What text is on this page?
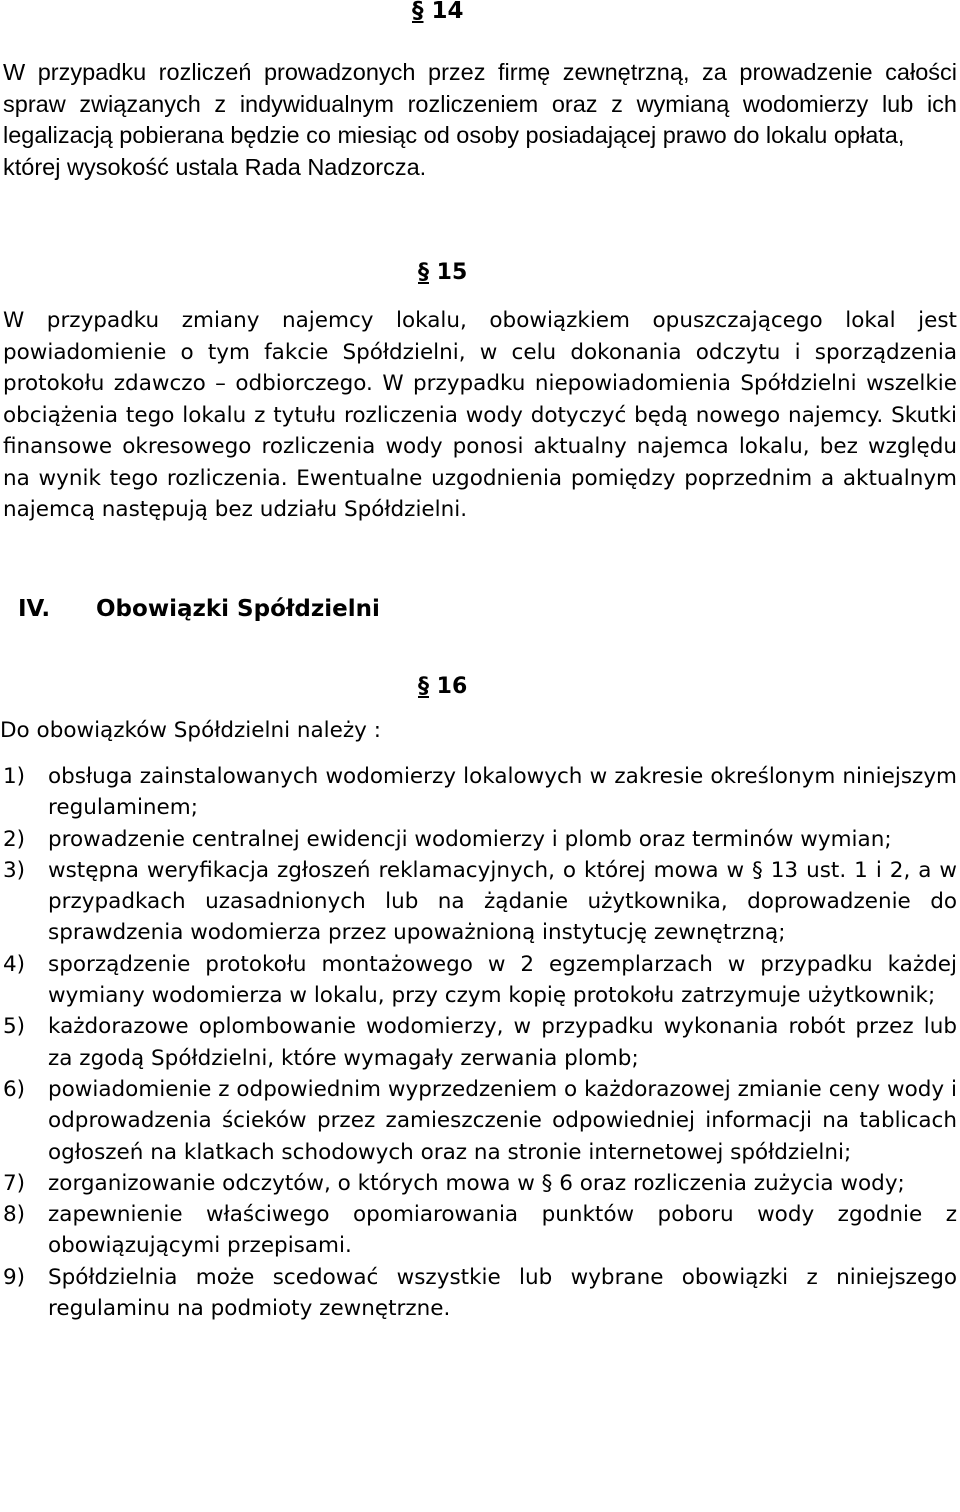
§ 14
W przypadku rozliczeń prowadzonych przez firmę zewnętrzną, za prowadzenie całości spraw związanych z indywidualnym rozliczeniem oraz z wymianą wodomierzy lub ich legalizacją pobierana będzie co miesiąc od osoby posiadającej prawo do lokalu opłata,
której wysokość ustala Rada Nadzorcza.
§ 15
W przypadku zmiany najemcy lokalu, obowiązkiem opuszczającego lokal jest powiadomienie o tym fakcie Spółdzielni, w celu dokonania odczytu i sporządzenia protokołu zdawczo – odbiorczego. W przypadku niepowiadomienia Spółdzielni wszelkie obciążenia tego lokalu z tytułu rozliczenia wody dotyczyć będą nowego najemcy. Skutki finansowe okresowego rozliczenia wody ponosi aktualny najemca lokalu, bez względu na wynik tego rozliczenia. Ewentualne uzgodnienia pomiędzy poprzednim a aktualnym najemcą następują bez udziału Spółdzielni.
IV. Obowiązki Spółdzielni
§ 16
Do obowiązków Spółdzielni należy :
1) obsługa zainstalowanych wodomierzy lokalowych w zakresie określonym niniejszym regulaminem;
2) prowadzenie centralnej ewidencji wodomierzy i plomb oraz terminów wymian;
3) wstępna weryfikacja zgłoszeń reklamacyjnych, o której mowa w § 13 ust. 1 i 2, a w przypadkach uzasadnionych lub na żądanie użytkownika, doprowadzenie do sprawdzenia wodomierza przez upoważnioną instytucję zewnętrzną;
4) sporządzenie protokołu montażowego w 2 egzemplarzach w przypadku każdej wymiany wodomierza w lokalu, przy czym kopię protokołu zatrzymuje użytkownik;
5) każdorazowe oplombowanie wodomierzy, w przypadku wykonania robót przez lub za zgodą Spółdzielni, które wymagały zerwania plomb;
6) powiadomienie z odpowiednim wyprzedzeniem o każdorazowej zmianie ceny wody i odprowadzenia ścieków przez zamieszczenie odpowiedniej informacji na tablicach ogłoszeń na klatkach schodowych oraz na stronie internetowej spółdzielni;
7) zorganizowanie odczytów, o których mowa w § 6 oraz rozliczenia zużycia wody;
8) zapewnienie właściwego opomiarowania punktów poboru wody zgodnie z obowiązującymi przepisami.
9) Spółdzielnia może scedować wszystkie lub wybrane obowiązki z niniejszego regulaminu na podmioty zewnętrzne.
